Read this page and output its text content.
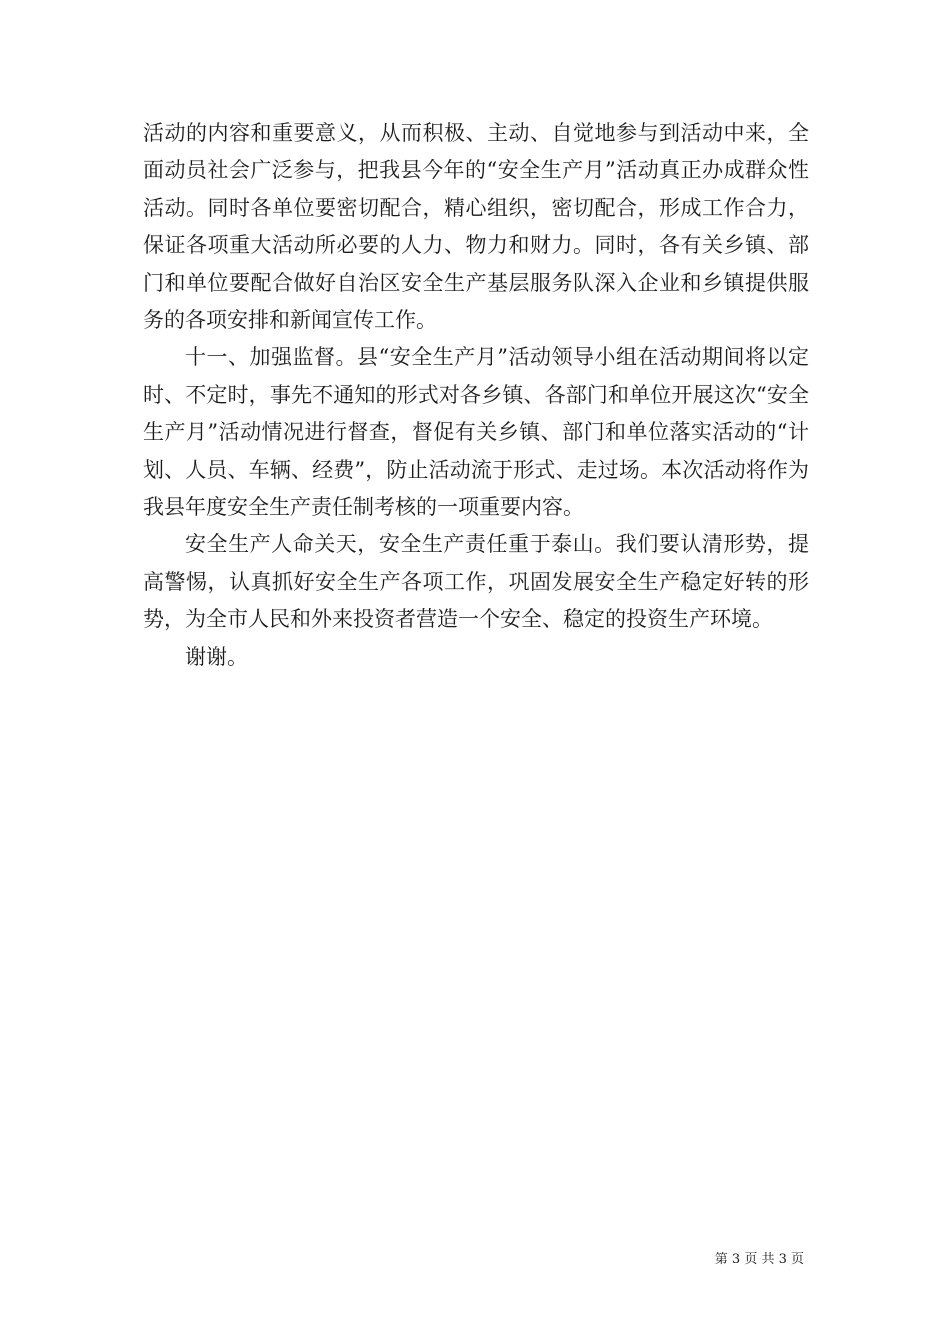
活动的内容和重要意义，从而积极、主动、自觉地参与到活动中来，全面动员社会广泛参与，把我县今年的“安全生产月”活动真正办成群众性活动。同时各单位要密切配合，精心组织，密切配合，形成工作合力，保证各项重大活动所必要的人力、物力和财力。同时，各有关乡镇、部门和单位要配合做好自治区安全生产基层服务队深入企业和乡镇提供服务的各项安排和新闻宣传工作。

十一、加强监督。县“安全生产月”活动领导小组在活动期间将以定时、不定时，事先不通知的形式对各乡镇、各部门和单位开展这次“安全生产月”活动情况进行督查，督促有关乡镇、部门和单位落实活动的“计划、人员、车辆、经费”，防止活动流于形式、走过场。本次活动将作为我县年度安全生产责任制考核的一项重要内容。

安全生产人命关天，安全生产责任重于泰山。我们要认清形势，提高警惕，认真抓好安全生产各项工作，巩固发展安全生产稳定好转的形势，为全市人民和外来投资者营造一个安全、稳定的投资生产环境。

谢谢。

第 3 页 共 3 页
